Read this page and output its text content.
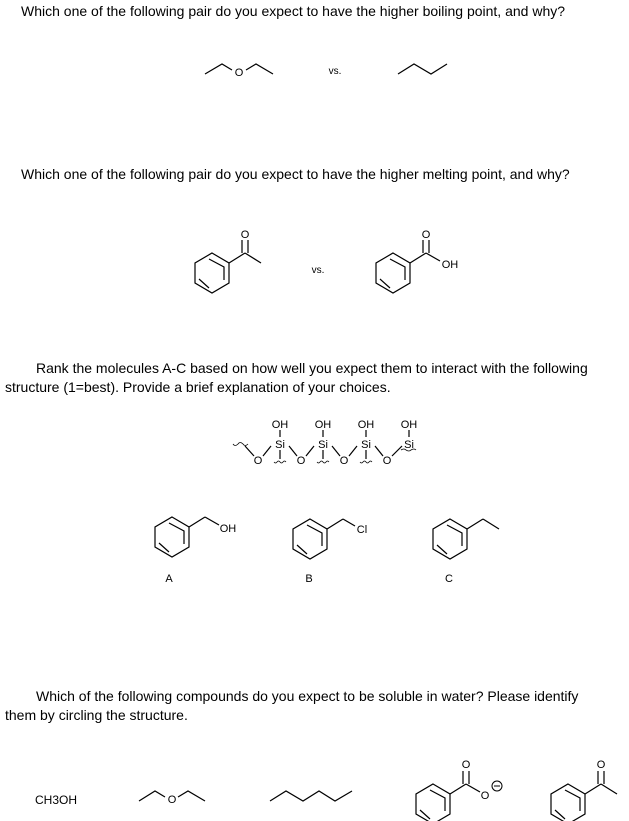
Which one of the following pair do you expect to have the higher boiling point, and why?
Which one of the following pair do you expect to have the higher melting point, and why?
Rank the molecules A-C based on how well you expect them to interact with the following
structure (1=best). Provide a brief explanation of your choices.
Which of the following compounds do you expect to be soluble in water? Please identify
them by circling the structure.
O	vs.
O
vs.
O
OH
OH OH OH OH
Si	Si	Si	Si
O	O	O	O
OH
A
Cl
B	C
O
O
O
O
CH3OH
